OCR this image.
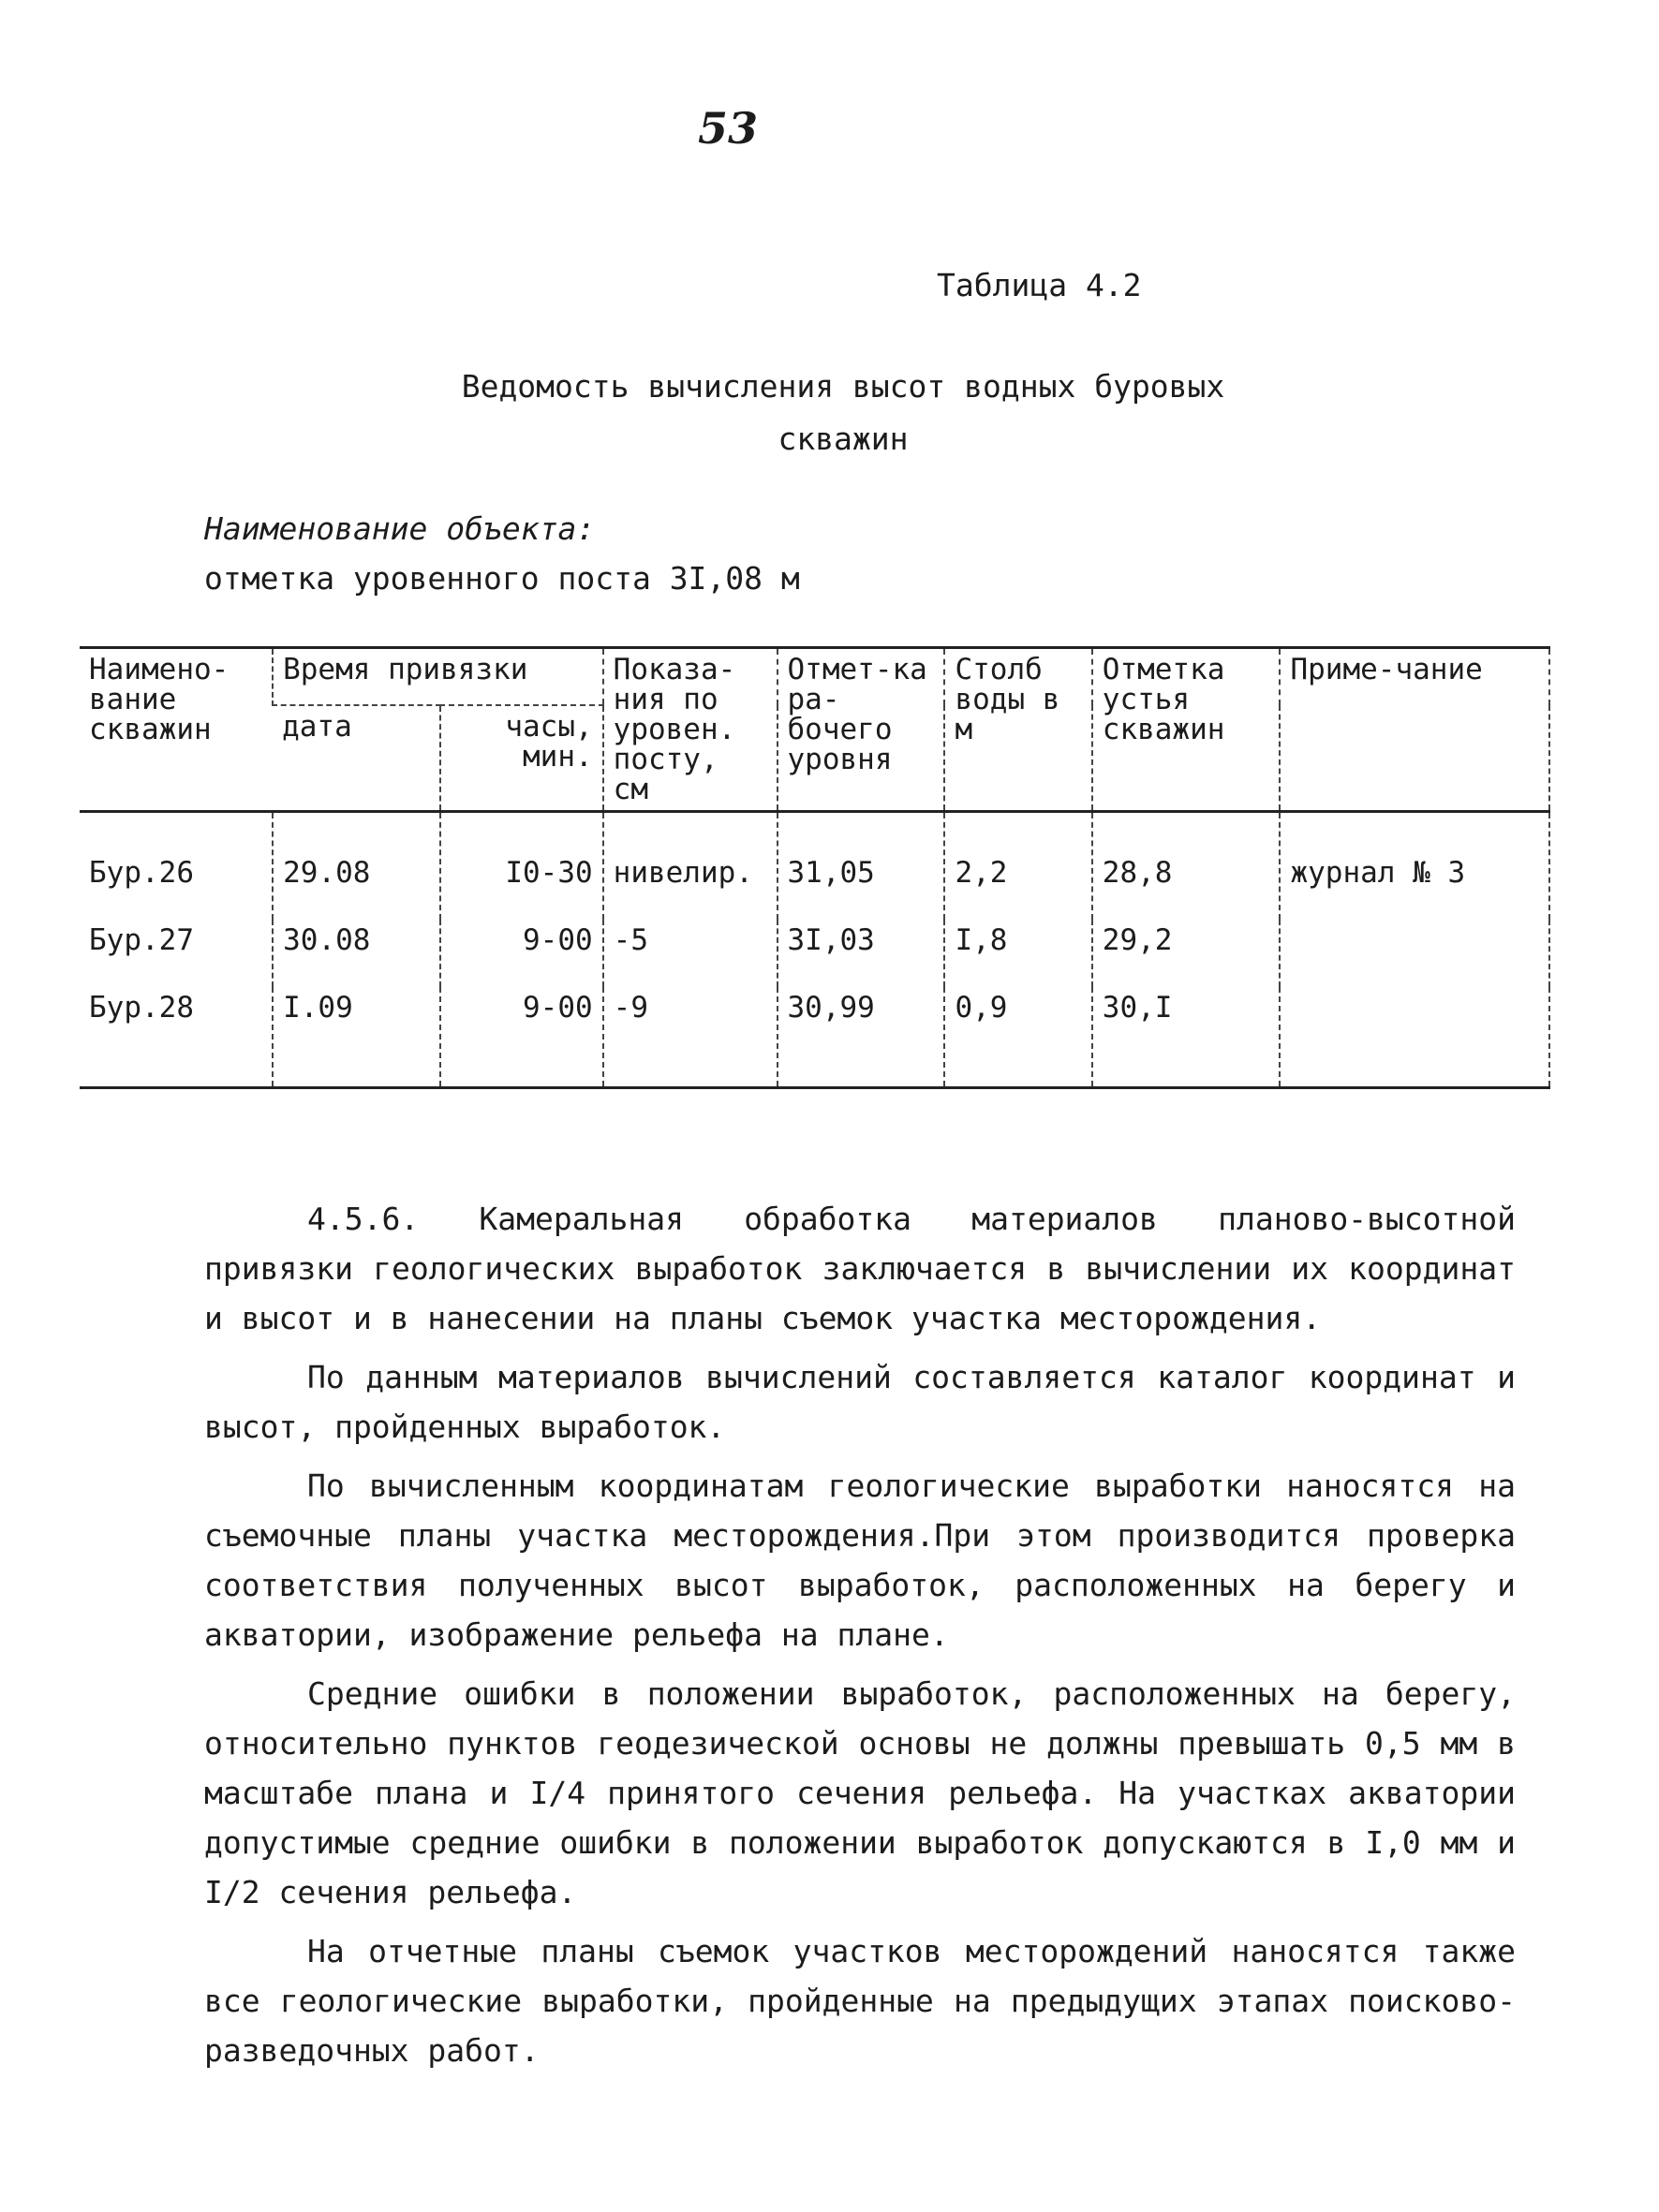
53
Таблица 4.2
Ведомость вычисления высот водных буровых
скважин
Наименование объекта:
отметка уровенного поста 3I,08 м
Наимено-вание скважин	Время привязки		Показа-ния по уровен. посту, см	Отмет-ка ра-бочего уровня	Столб воды в м	Отметка устья скважин	Приме-чание
	дата	часы, мин.					
Бур.26	29.08	I0-30	нивелир.	31,05	2,2	28,8	журнал № 3
Бур.27	30.08	9-00	-5	3I,03	I,8	29,2	
Бур.28	I.09	9-00	-9	30,99	0,9	30,I	

4.5.6. Камеральная обработка материалов планово-высотной привязки геологических выработок заключается в вычислении их координат и высот и в нанесении на планы съемок участка месторождения.

По данным материалов вычислений составляется каталог координат и высот, пройденных выработок.

По вычисленным координатам геологические выработки наносятся на съемочные планы участка месторождения.При этом производится проверка соответствия полученных высот выработок, расположенных на берегу и акватории, изображение рельефа на плане.

Средние ошибки в положении выработок, расположенных на берегу, относительно пунктов геодезической основы не должны превышать 0,5 мм в масштабе плана и I/4 принятого сечения рельефа. На участках акватории допустимые средние ошибки в положении выработок допускаются в I,0 мм и I/2 сечения рельефа.

На отчетные планы съемок участков месторождений наносятся также все геологические выработки, пройденные на предыдущих этапах поисково-разведочных работ.
